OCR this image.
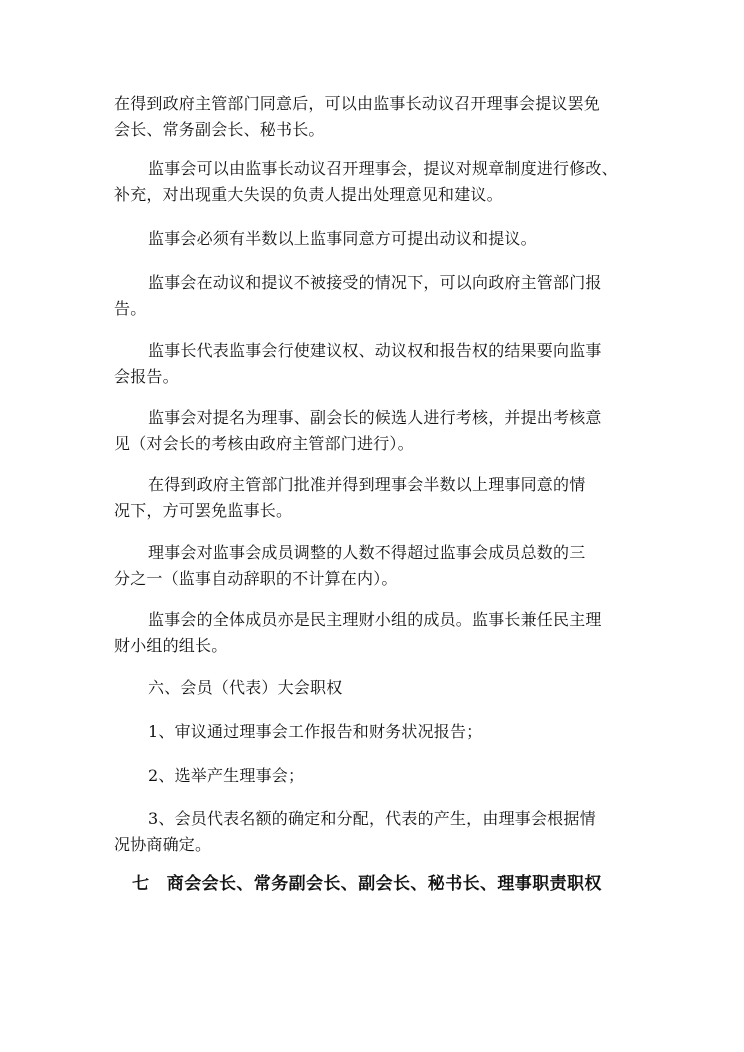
在得到政府主管部门同意后，可以由监事长动议召开理事会提议罢免
会长、常务副会长、秘书长。

监事会可以由监事长动议召开理事会，提议对规章制度进行修改、
补充，对出现重大失误的负责人提出处理意见和建议。

监事会必须有半数以上监事同意方可提出动议和提议。

监事会在动议和提议不被接受的情况下，可以向政府主管部门报
告。

监事长代表监事会行使建议权、动议权和报告权的结果要向监事
会报告。

监事会对提名为理事、副会长的候选人进行考核，并提出考核意
见（对会长的考核由政府主管部门进行）。

在得到政府主管部门批准并得到理事会半数以上理事同意的情
况下，方可罢免监事长。

理事会对监事会成员调整的人数不得超过监事会成员总数的三
分之一（监事自动辞职的不计算在内）。

监事会的全体成员亦是民主理财小组的成员。监事长兼任民主理
财小组的组长。

六、会员（代表）大会职权

1、审议通过理事会工作报告和财务状况报告；

2、选举产生理事会；

3、会员代表名额的确定和分配，代表的产生，由理事会根据情
况协商确定。

七　商会会长、常务副会长、副会长、秘书长、理事职责职权
